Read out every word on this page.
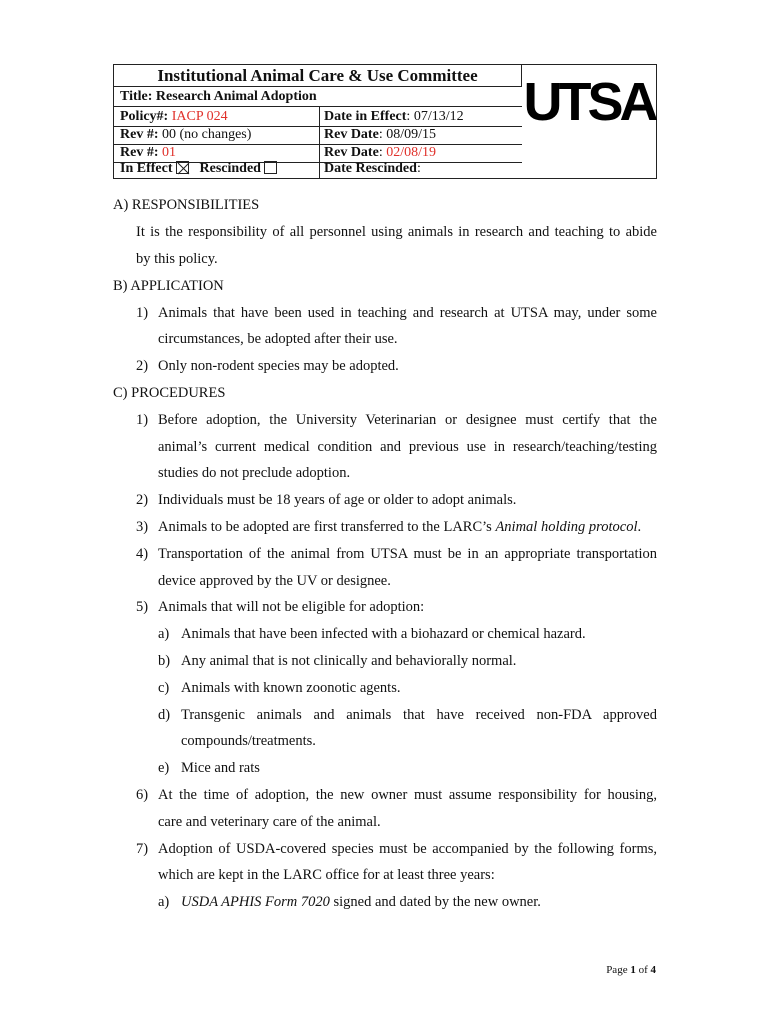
Institutional Animal Care & Use Committee
Title: Research Animal Adoption
Policy#: IACP 024	Date in Effect: 07/13/12
Rev #: 00 (no changes)	Rev Date: 08/09/15
Rev #: 01	Rev Date: 02/08/19
In Effect Rescinded	Date Rescinded:
UTSA
A) RESPONSIBILITIES
It is the responsibility of all personnel using animals in research and teaching to abide
by this policy.
B) APPLICATION
1) Animals that have been used in teaching and research at UTSA may, under some
circumstances, be adopted after their use.
2) Only non-rodent species may be adopted.
C) PROCEDURES
1) Before adoption, the University Veterinarian or designee must certify that the
animal’s current medical condition and previous use in research/teaching/testing
studies do not preclude adoption.
2) Individuals must be 18 years of age or older to adopt animals.
3) Animals to be adopted are first transferred to the LARC’s Animal holding protocol.
4) Transportation of the animal from UTSA must be in an appropriate transportation
device approved by the UV or designee.
5) Animals that will not be eligible for adoption:
a) Animals that have been infected with a biohazard or chemical hazard.
b) Any animal that is not clinically and behaviorally normal.
c) Animals with known zoonotic agents.
d) Transgenic animals and animals that have received non-FDA approved
compounds/treatments.
e) Mice and rats
6) At the time of adoption, the new owner must assume responsibility for housing,
care and veterinary care of the animal.
7) Adoption of USDA-covered species must be accompanied by the following forms,
which are kept in the LARC office for at least three years:
a) USDA APHIS Form 7020 signed and dated by the new owner.
Page 1 of 4
